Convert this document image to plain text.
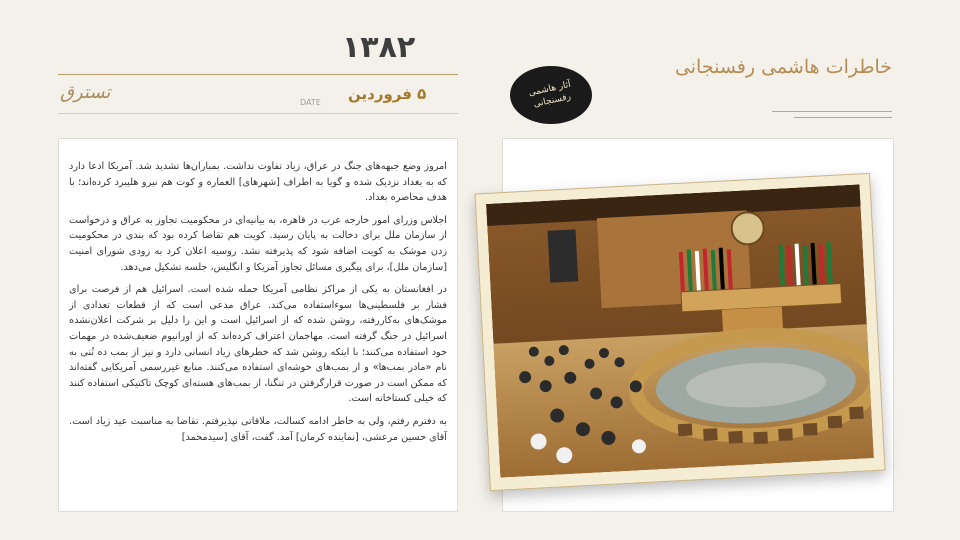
تسترق
۱۳۸۲
DATE ۵ فروردین	آثار هاشمی رفسنجانی
خاطرات هاشمی رفسنجانی

امروز وضع جبهه‌های جنگ در عراق، زیاد تفاوت نداشت. بمباران‌ها تشدید شد. آمریکا ادعا دارد که به بغداد نزدیک شده و گویا به اطراف [شهرهای] العماره و کوت هم نیرو هلیبرد کرده‌اند؛ با هدف محاصره بغداد.

اجلاس وزرای امور خارجه عرب در قاهره، به بیانیه‌ای در محکومیت تجاوز به عراق و درخواست از سازمان ملل برای دخالت به پایان رسید. کویت هم تقاضا کرده بود که بندی در محکومیت زدن موشک به کویت اضافه شود که پذیرفته نشد. روسیه اعلان کرد به زودی شورای امنیت [سازمان ملل]، برای پیگیری مسائل تجاوز آمریکا و انگلیس، جلسه تشکیل می‌دهد.

در افغانستان به یکی از مراکز نظامی آمریکا حمله شده است. اسرائیل هم از فرصت برای فشار بر فلسطینی‌ها سوءاستفاده می‌کند. عراق مدعی است که از قطعات تعدادی از موشک‌های به‌کاررفته، روشن شده که از اسرائیل است و این را دلیل بر شرکت اعلان‌نشده اسرائیل در جنگ گرفته است. مهاجمان اعتراف کرده‌اند که از اورانیوم ضعیف‌شده در مهمات خود استفاده می‌کنند؛ با اینکه روشن شد که خطرهای زیاد انسانی دارد و نیز از بمب ده تُنی به نام «مادر بمب‌ها» و از بمب‌های خوشه‌ای استفاده می‌کنند. منابع غیررسمی آمریکایی گفته‌اند که ممکن است در صورت قرارگرفتن در تنگنا، از بمب‌های هسته‌ای کوچک تاکتیکی استفاده کنند که خیلی کستاخانه است.

به دفترم رفتم، ولی به خاطر ادامه کسالت، ملاقاتی نپذیرفتم. تقاضا به مناسبت عید زیاد است. آقای حسین مرعشی، [نماینده کرمان] آمد. گفت، آقای [سیدمحمد]
